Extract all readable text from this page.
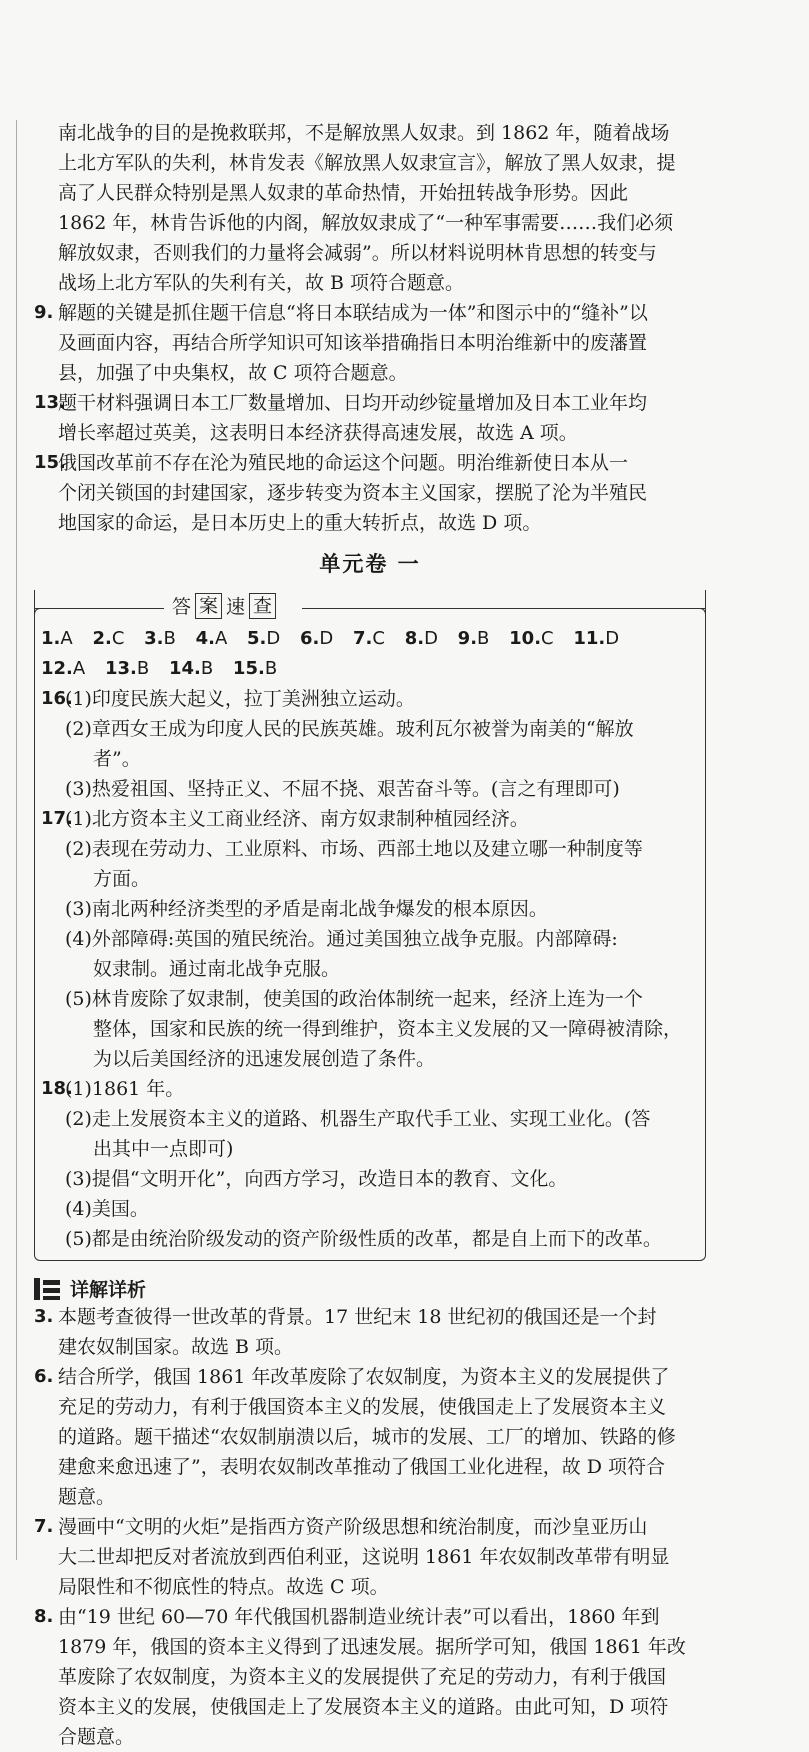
南北战争的目的是挽救联邦，不是解放黑人奴隶。到 1862 年，随着战场

上北方军队的失利，林肯发表《解放黑人奴隶宣言》，解放了黑人奴隶，提

高了人民群众特别是黑人奴隶的革命热情，开始扭转战争形势。因此

1862 年，林肯告诉他的内阁，解放奴隶成了“一种军事需要……我们必须

解放奴隶，否则我们的力量将会减弱”。所以材料说明林肯思想的转变与

战场上北方军队的失利有关，故 B 项符合题意。

9. 解题的关键是抓住题干信息“将日本联结成为一体”和图示中的“缝补”以

及画面内容，再结合所学知识可知该举措确指日本明治维新中的废藩置

县，加强了中央集权，故 C 项符合题意。

13.

题干材料强调日本工厂数量增加、日均开动纱锭量增加及日本工业年均

增长率超过英美，这表明日本经济获得高速发展，故选 A 项。

15.

俄国改革前不存在沦为殖民地的命运这个问题。明治维新使日本从一

个闭关锁国的封建国家，逐步转变为资本主义国家，摆脱了沦为半殖民

地国家的命运，是日本历史上的重大转折点，故选 D 项。

单元卷 一
答 案 速 查
1.A 2.C 3.B 4.A 5.D 6.D 7.C 8.D 9.B 10.C 11.D
12.A 13.B 14.B 15.B
16.

(1)印度民族大起义，拉丁美洲独立运动。

(2)章西女王成为印度人民的民族英雄。玻利瓦尔被誉为南美的“解放

者”。

(3)热爱祖国、坚持正义、不屈不挠、艰苦奋斗等。(言之有理即可)

17.

(1)北方资本主义工商业经济、南方奴隶制种植园经济。

(2)表现在劳动力、工业原料、市场、西部土地以及建立哪一种制度等

方面。

(3)南北两种经济类型的矛盾是南北战争爆发的根本原因。

(4)外部障碍:英国的殖民统治。通过美国独立战争克服。内部障碍:

奴隶制。通过南北战争克服。

(5)林肯废除了奴隶制，使美国的政治体制统一起来，经济上连为一个

整体，国家和民族的统一得到维护，资本主义发展的又一障碍被清除，

为以后美国经济的迅速发展创造了条件。

18.

(1)1861 年。

(2)走上发展资本主义的道路、机器生产取代手工业、实现工业化。(答

出其中一点即可)

(3)提倡“文明开化”，向西方学习，改造日本的教育、文化。

(4)美国。

(5)都是由统治阶级发动的资产阶级性质的改革，都是自上而下的改革。

详解详析
3. 本题考查彼得一世改革的背景。17 世纪末 18 世纪初的俄国还是一个封

建农奴制国家。故选 B 项。

6. 结合所学，俄国 1861 年改革废除了农奴制度，为资本主义的发展提供了

充足的劳动力，有利于俄国资本主义的发展，使俄国走上了发展资本主义

的道路。题干描述“农奴制崩溃以后，城市的发展、工厂的增加、铁路的修

建愈来愈迅速了”，表明农奴制改革推动了俄国工业化进程，故 D 项符合

题意。

7. 漫画中“文明的火炬”是指西方资产阶级思想和统治制度，而沙皇亚历山

大二世却把反对者流放到西伯利亚，这说明 1861 年农奴制改革带有明显

局限性和不彻底性的特点。故选 C 项。

8. 由“19 世纪 60—70 年代俄国机器制造业统计表”可以看出，1860 年到

1879 年，俄国的资本主义得到了迅速发展。据所学可知，俄国 1861 年改

革废除了农奴制度，为资本主义的发展提供了充足的劳动力，有利于俄国

资本主义的发展，使俄国走上了发展资本主义的道路。由此可知，D 项符

合题意。
